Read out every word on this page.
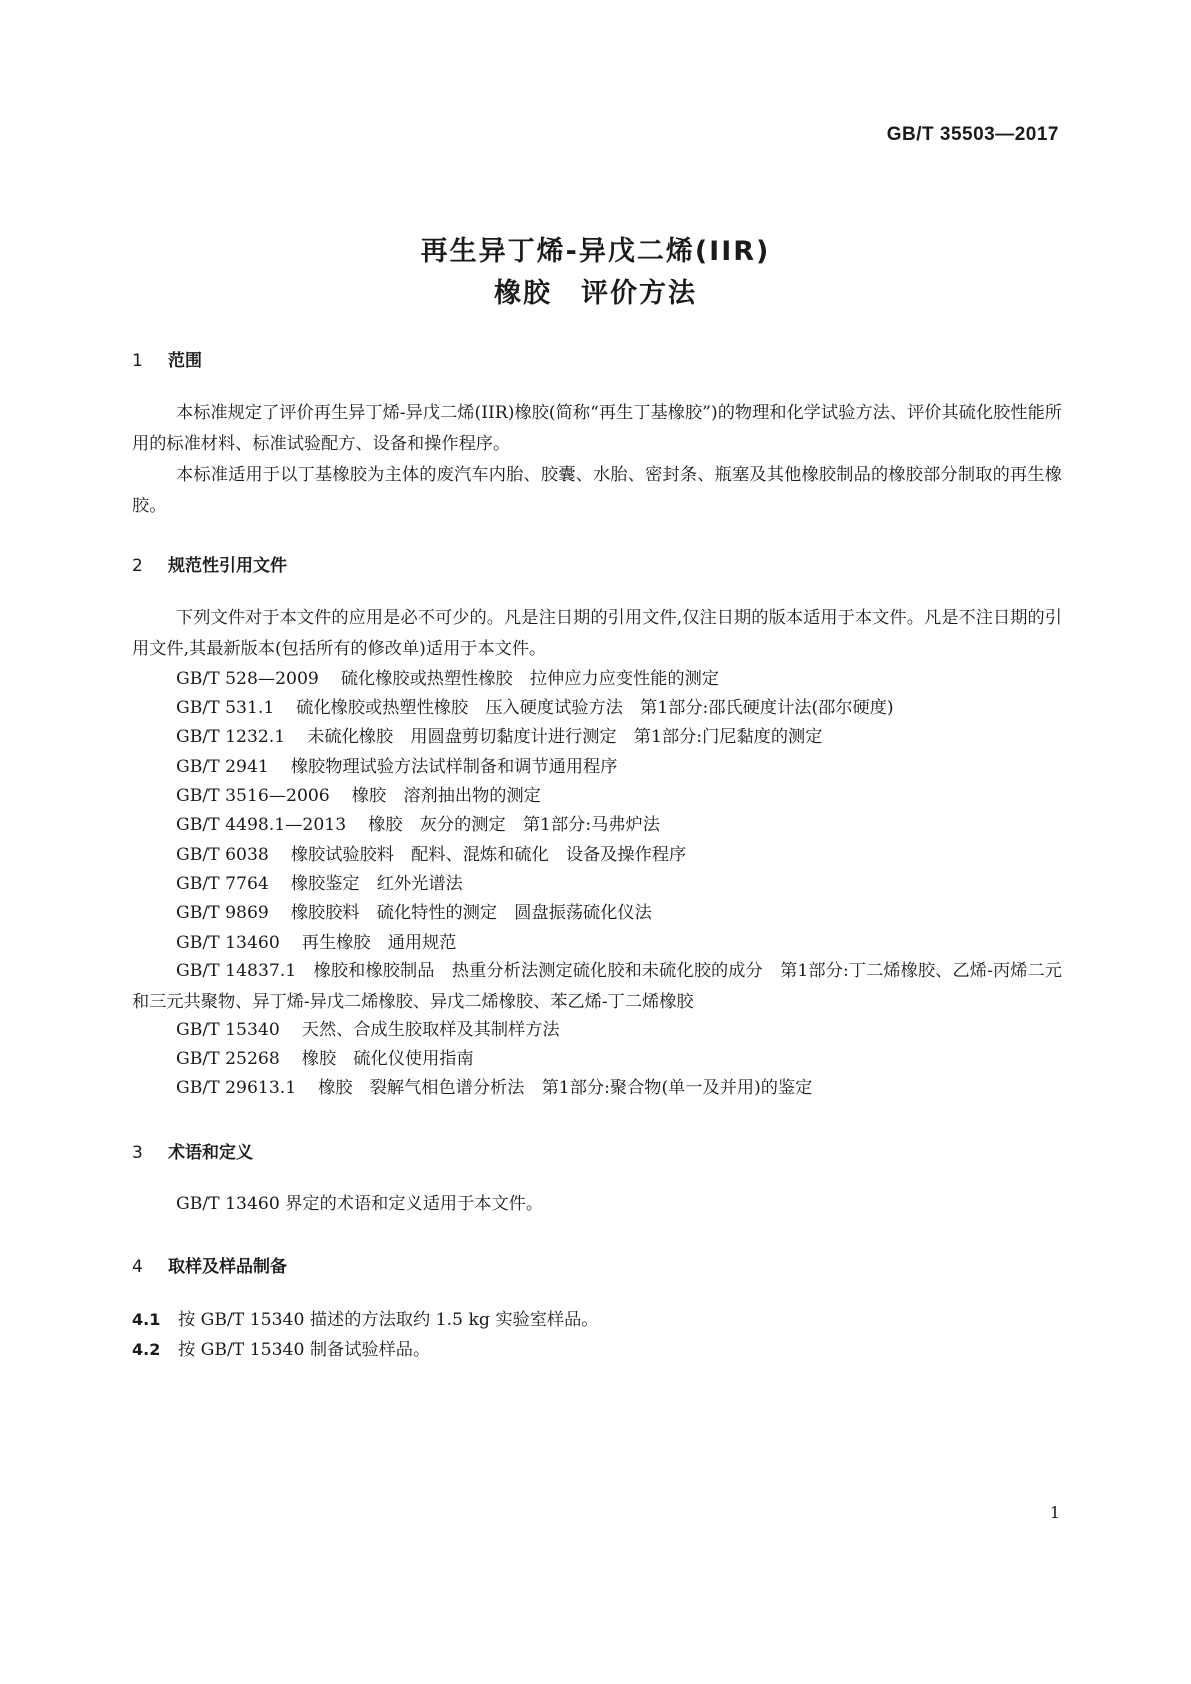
GB/T 35503—2017
再生异丁烯-异戊二烯(IIR)
橡胶　评价方法
1 范围

本标准规定了评价再生异丁烯-异戊二烯(IIR)橡胶(简称“再生丁基橡胶”)的物理和化学试验方法、评价其硫化胶性能所用的标准材料、标准试验配方、设备和操作程序。

本标准适用于以丁基橡胶为主体的废汽车内胎、胶囊、水胎、密封条、瓶塞及其他橡胶制品的橡胶部分制取的再生橡胶。

2 规范性引用文件

下列文件对于本文件的应用是必不可少的。凡是注日期的引用文件,仅注日期的版本适用于本文件。凡是不注日期的引用文件,其最新版本(包括所有的修改单)适用于本文件。

GB/T 528—2009 硫化橡胶或热塑性橡胶　拉伸应力应变性能的测定
GB/T 531.1 硫化橡胶或热塑性橡胶　压入硬度试验方法　第1部分:邵氏硬度计法(邵尔硬度)
GB/T 1232.1 未硫化橡胶　用圆盘剪切黏度计进行测定　第1部分:门尼黏度的测定
GB/T 2941 橡胶物理试验方法试样制备和调节通用程序
GB/T 3516—2006 橡胶　溶剂抽出物的测定
GB/T 4498.1—2013 橡胶　灰分的测定　第1部分:马弗炉法
GB/T 6038 橡胶试验胶料　配料、混炼和硫化　设备及操作程序
GB/T 7764 橡胶鉴定　红外光谱法
GB/T 9869 橡胶胶料　硫化特性的测定　圆盘振荡硫化仪法
GB/T 13460 再生橡胶　通用规范

GB/T 14837.1　橡胶和橡胶制品　热重分析法测定硫化胶和未硫化胶的成分　第1部分:丁二烯橡胶、乙烯-丙烯二元和三元共聚物、异丁烯-异戊二烯橡胶、异戊二烯橡胶、苯乙烯-丁二烯橡胶

GB/T 15340 天然、合成生胶取样及其制样方法
GB/T 25268 橡胶　硫化仪使用指南
GB/T 29613.1 橡胶　裂解气相色谱分析法　第1部分:聚合物(单一及并用)的鉴定
3 术语和定义

GB/T 13460 界定的术语和定义适用于本文件。

4 取样及样品制备
4.1 按 GB/T 15340 描述的方法取约 1.5 kg 实验室样品。
4.2 按 GB/T 15340 制备试验样品。
1
